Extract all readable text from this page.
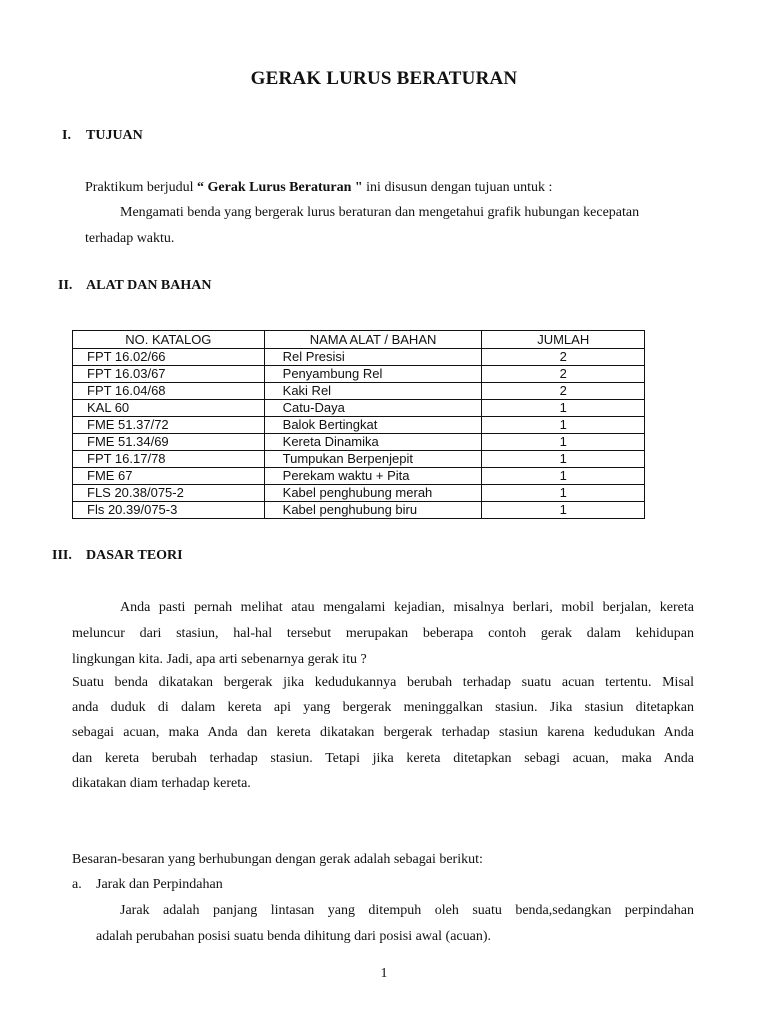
GERAK LURUS BERATURAN
I. TUJUAN
Praktikum berjudul “ Gerak Lurus Beraturan " ini disusun dengan tujuan untuk :
Mengamati benda yang bergerak lurus beraturan dan mengetahui grafik hubungan kecepatan
terhadap waktu.
II. ALAT DAN BAHAN
NO. KATALOG	NAMA ALAT / BAHAN	JUMLAH
FPT 16.02/66	Rel Presisi	2
FPT 16.03/67	Penyambung Rel	2
FPT 16.04/68	Kaki Rel	2
KAL 60	Catu-Daya	1
FME 51.37/72	Balok Bertingkat	1
FME 51.34/69	Kereta Dinamika	1
FPT 16.17/78	Tumpukan Berpenjepit	1
FME 67	Perekam waktu + Pita	1
FLS 20.38/075-2	Kabel penghubung merah	1
Fls 20.39/075-3	Kabel penghubung biru	1
III. DASAR TEORI
Anda pasti pernah melihat atau mengalami kejadian, misalnya berlari, mobil berjalan, kereta
meluncur dari stasiun, hal-hal tersebut merupakan beberapa contoh gerak dalam kehidupan
lingkungan kita. Jadi, apa arti sebenarnya gerak itu ?
Suatu benda dikatakan bergerak jika kedudukannya berubah terhadap suatu acuan tertentu. Misal
anda duduk di dalam kereta api yang bergerak meninggalkan stasiun. Jika stasiun ditetapkan
sebagai acuan, maka Anda dan kereta dikatakan bergerak terhadap stasiun karena kedudukan Anda
dan kereta berubah terhadap stasiun. Tetapi jika kereta ditetapkan sebagi acuan, maka Anda
dikatakan diam terhadap kereta.
Besaran-besaran yang berhubungan dengan gerak adalah sebagai berikut:
a. Jarak dan Perpindahan
Jarak adalah panjang lintasan yang ditempuh oleh suatu benda,sedangkan perpindahan
adalah perubahan posisi suatu benda dihitung dari posisi awal (acuan).
1
